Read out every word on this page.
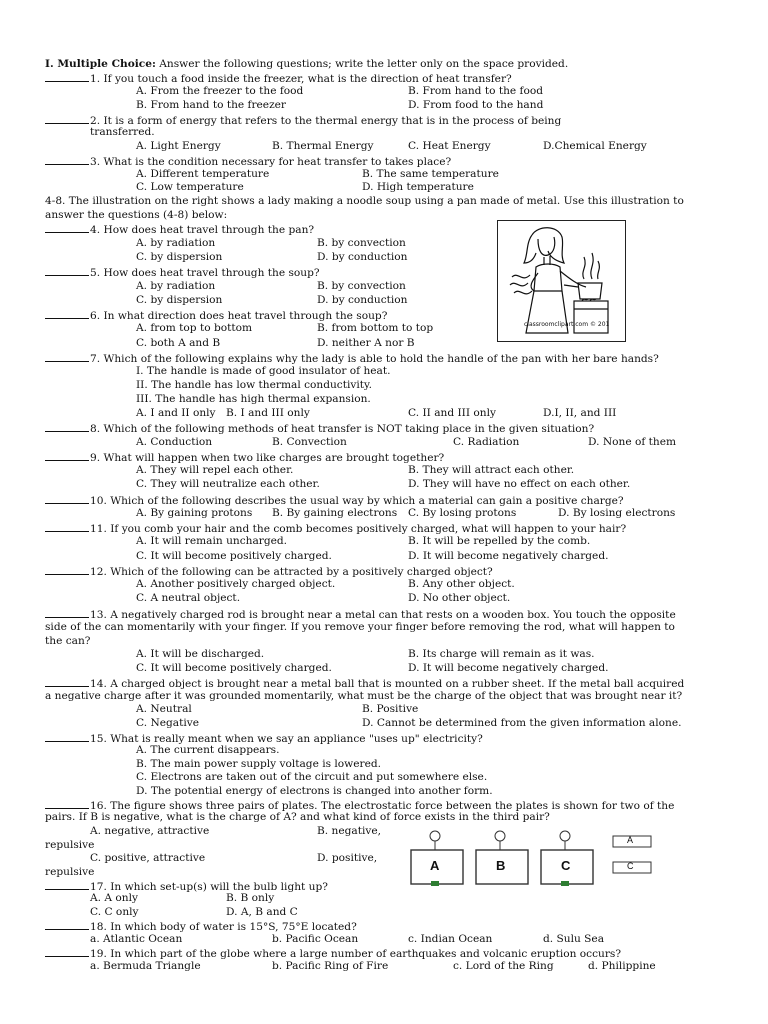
I. Multiple Choice: Answer the following questions; write the letter only on the space provided.
1. If you touch a food inside the freezer, what is the direction of heat transfer?
A. From the freezer to the food	B. From hand to the food
B. From hand to the freezer	D. From food to the hand
2. It is a form of energy that refers to the thermal energy that is in the process of being
transferred.
A. Light Energy	B. Thermal Energy	C. Heat Energy	D.Chemical Energy
3. What is the condition necessary for heat transfer to takes place?
A. Different temperature	B. The same temperature
C. Low temperature	D. High temperature
4-8. The illustration on the right shows a lady making a noodle soup using a pan made of metal. Use this illustration to
answer the questions (4-8) below:
4. How does heat travel through the pan?
A. by radiation	B. by convection
C. by dispersion	D. by conduction
5. How does heat travel through the soup?
A. by radiation	B. by convection
C. by dispersion	D. by conduction
6. In what direction does heat travel through the soup?
A. from top to bottom	B. from bottom to top
C. both A and B	D. neither A nor B
classroomclipart.com © 201
7. Which of the following explains why the lady is able to hold the handle of the pan with her bare hands?
I. The handle is made of good insulator of heat.
II. The handle has low thermal conductivity.
III. The handle has high thermal expansion.
A. I and II only B. I and III only	C. II and III only	D.I, II, and III
8. Which of the following methods of heat transfer is NOT taking place in the given situation?
A. Conduction	B. Convection	C. Radiation	D. None of them
9. What will happen when two like charges are brought together?
A. They will repel each other.	B. They will attract each other.
C. They will neutralize each other.	D. They will have no effect on each other.
10. Which of the following describes the usual way by which a material can gain a positive charge?
A. By gaining protons B. By gaining electrons C. By losing protons	D. By losing electrons
11. If you comb your hair and the comb becomes positively charged, what will happen to your hair?
A. It will remain uncharged.	B. It will be repelled by the comb.
C. It will become positively charged.	D. It will become negatively charged.
12. Which of the following can be attracted by a positively charged object?
A. Another positively charged object.	B. Any other object.
C. A neutral object.	D. No other object.
13. A negatively charged rod is brought near a metal can that rests on a wooden box. You touch the opposite
side of the can momentarily with your finger. If you remove your finger before removing the rod, what will happen to
the can?
A. It will be discharged.	B. Its charge will remain as it was.
C. It will become positively charged.	D. It will become negatively charged.
14. A charged object is brought near a metal ball that is mounted on a rubber sheet. If the metal ball acquired
a negative charge after it was grounded momentarily, what must be the charge of the object that was brought near it?
A. Neutral	B. Positive
C. Negative	D. Cannot be determined from the given information alone.
15. What is really meant when we say an appliance "uses up" electricity?
A. The current disappears.
B. The main power supply voltage is lowered.
C. Electrons are taken out of the circuit and put somewhere else.
D. The potential energy of electrons is changed into another form.
16. The figure shows three pairs of plates. The electrostatic force between the plates is shown for two of the
pairs. If B is negative, what is the charge of A? and what kind of force exists in the third pair?
A. negative, attractive	B. negative,
repulsive
C. positive, attractive	D. positive,
repulsive	A	B	C
A
C
17. In which set-up(s) will the bulb light up?
A. A only	B. B only
C. C only	D. A, B and C
18. In which body of water is 15°S, 75°E located?
a. Atlantic Ocean	b. Pacific Ocean	c. Indian Ocean	d. Sulu Sea
19. In which part of the globe where a large number of earthquakes and volcanic eruption occurs?
a. Bermuda Triangle	b. Pacific Ring of Fire	c. Lord of the Ring	d. Philippine
